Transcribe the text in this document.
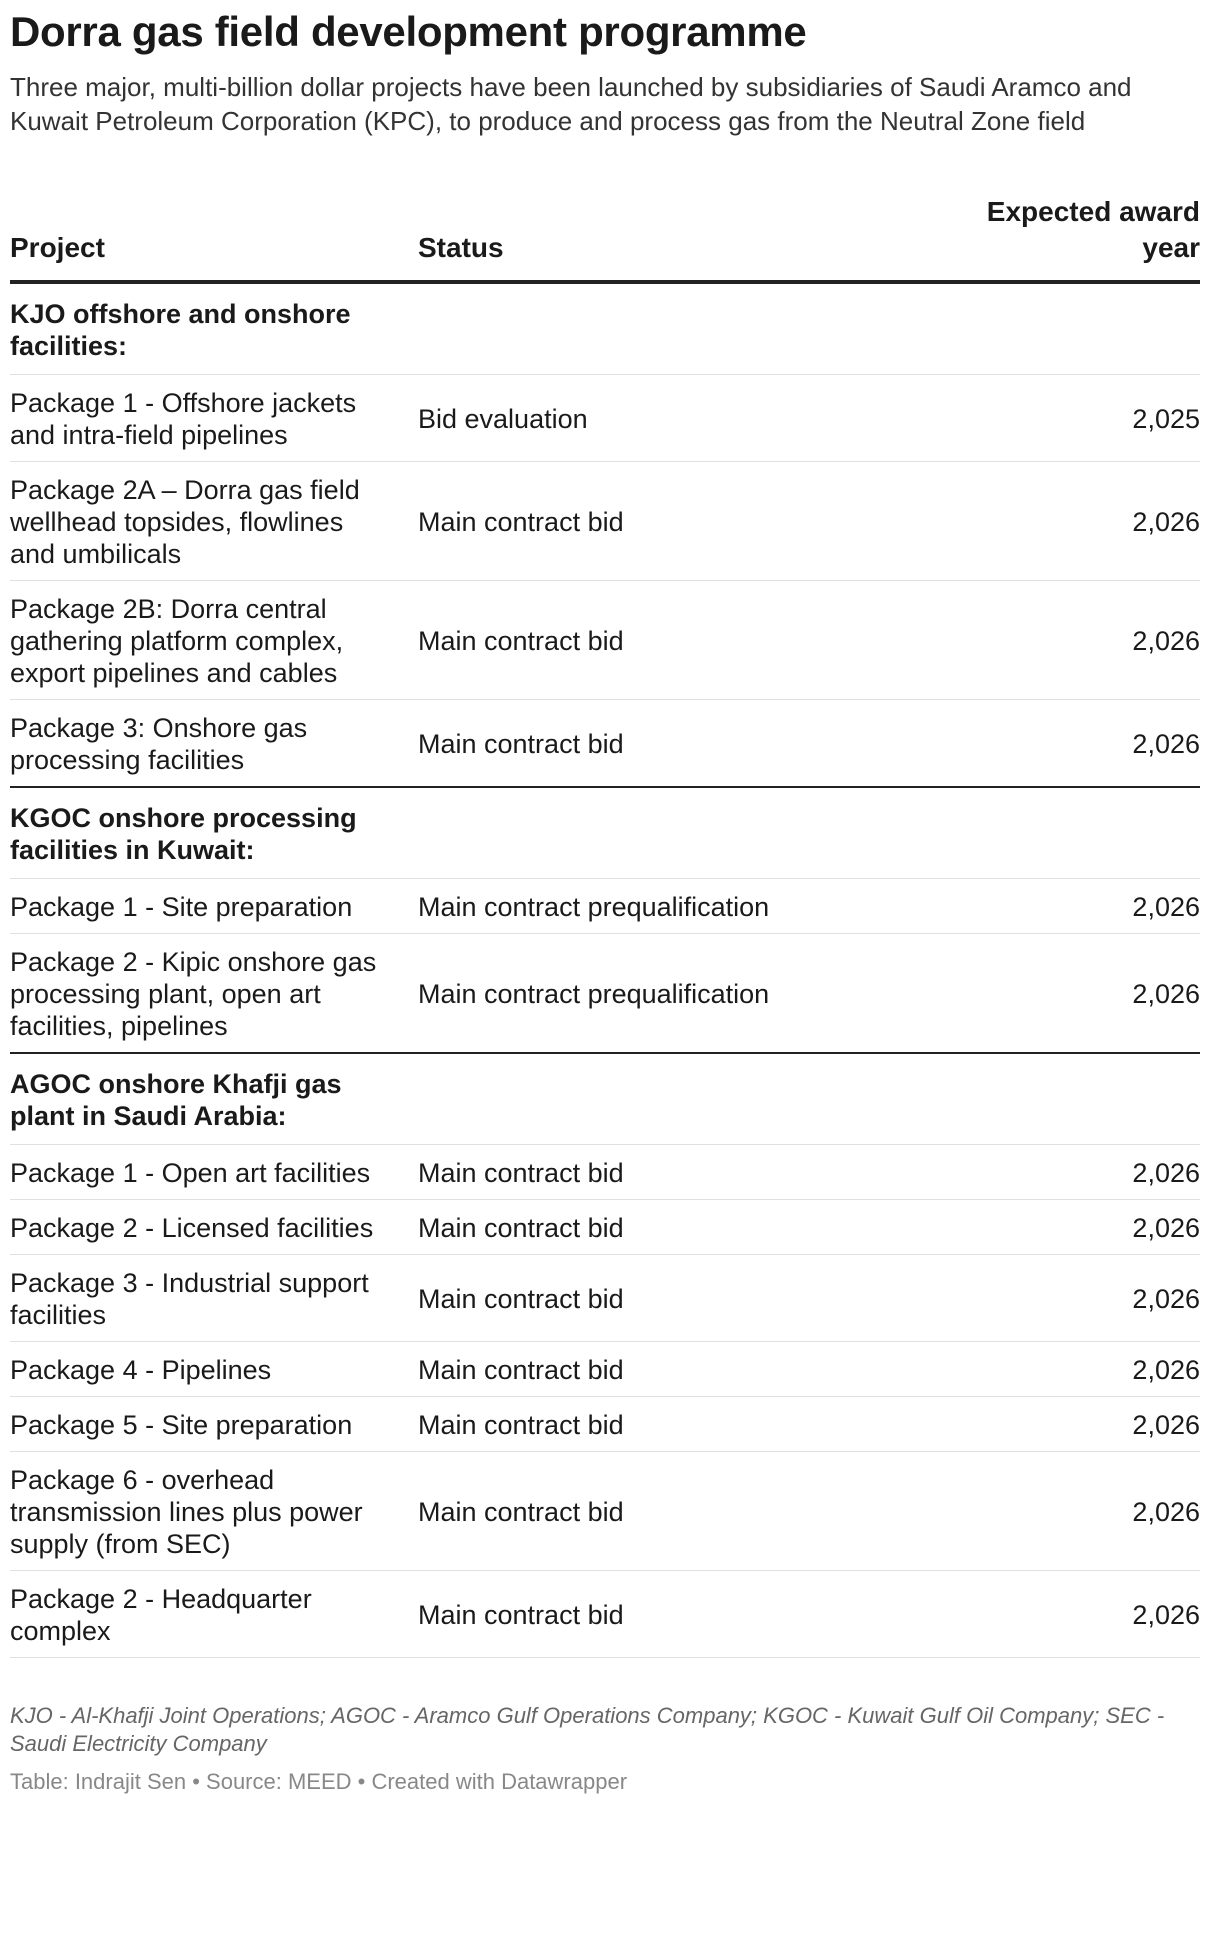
Dorra gas field development programme

Three major, multi-billion dollar projects have been launched by subsidiaries of Saudi Aramco and Kuwait Petroleum Corporation (KPC), to produce and process gas from the Neutral Zone field

Project	Status	Expected award year
KJO offshore and onshore facilities:		
Package 1 - Offshore jackets and intra-field pipelines	Bid evaluation	2,025
Package 2A – Dorra gas field wellhead topsides, flowlines and umbilicals	Main contract bid	2,026
Package 2B: Dorra central gathering platform complex, export pipelines and cables	Main contract bid	2,026
Package 3: Onshore gas processing facilities	Main contract bid	2,026
KGOC onshore processing facilities in Kuwait:		
Package 1 - Site preparation	Main contract prequalification	2,026
Package 2 - Kipic onshore gas processing plant, open art facilities, pipelines	Main contract prequalification	2,026
AGOC onshore Khafji gas plant in Saudi Arabia:		
Package 1 - Open art facilities	Main contract bid	2,026
Package 2 - Licensed facilities	Main contract bid	2,026
Package 3 - Industrial support facilities	Main contract bid	2,026
Package 4 - Pipelines	Main contract bid	2,026
Package 5 - Site preparation	Main contract bid	2,026
Package 6 - overhead transmission lines plus power supply (from SEC)	Main contract bid	2,026
Package 2 - Headquarter complex	Main contract bid	2,026
KJO - Al-Khafji Joint Operations; AGOC - Aramco Gulf Operations Company; KGOC - Kuwait Gulf Oil Company; SEC - Saudi Electricity Company
Table: Indrajit Sen • Source: MEED • Created with Datawrapper
